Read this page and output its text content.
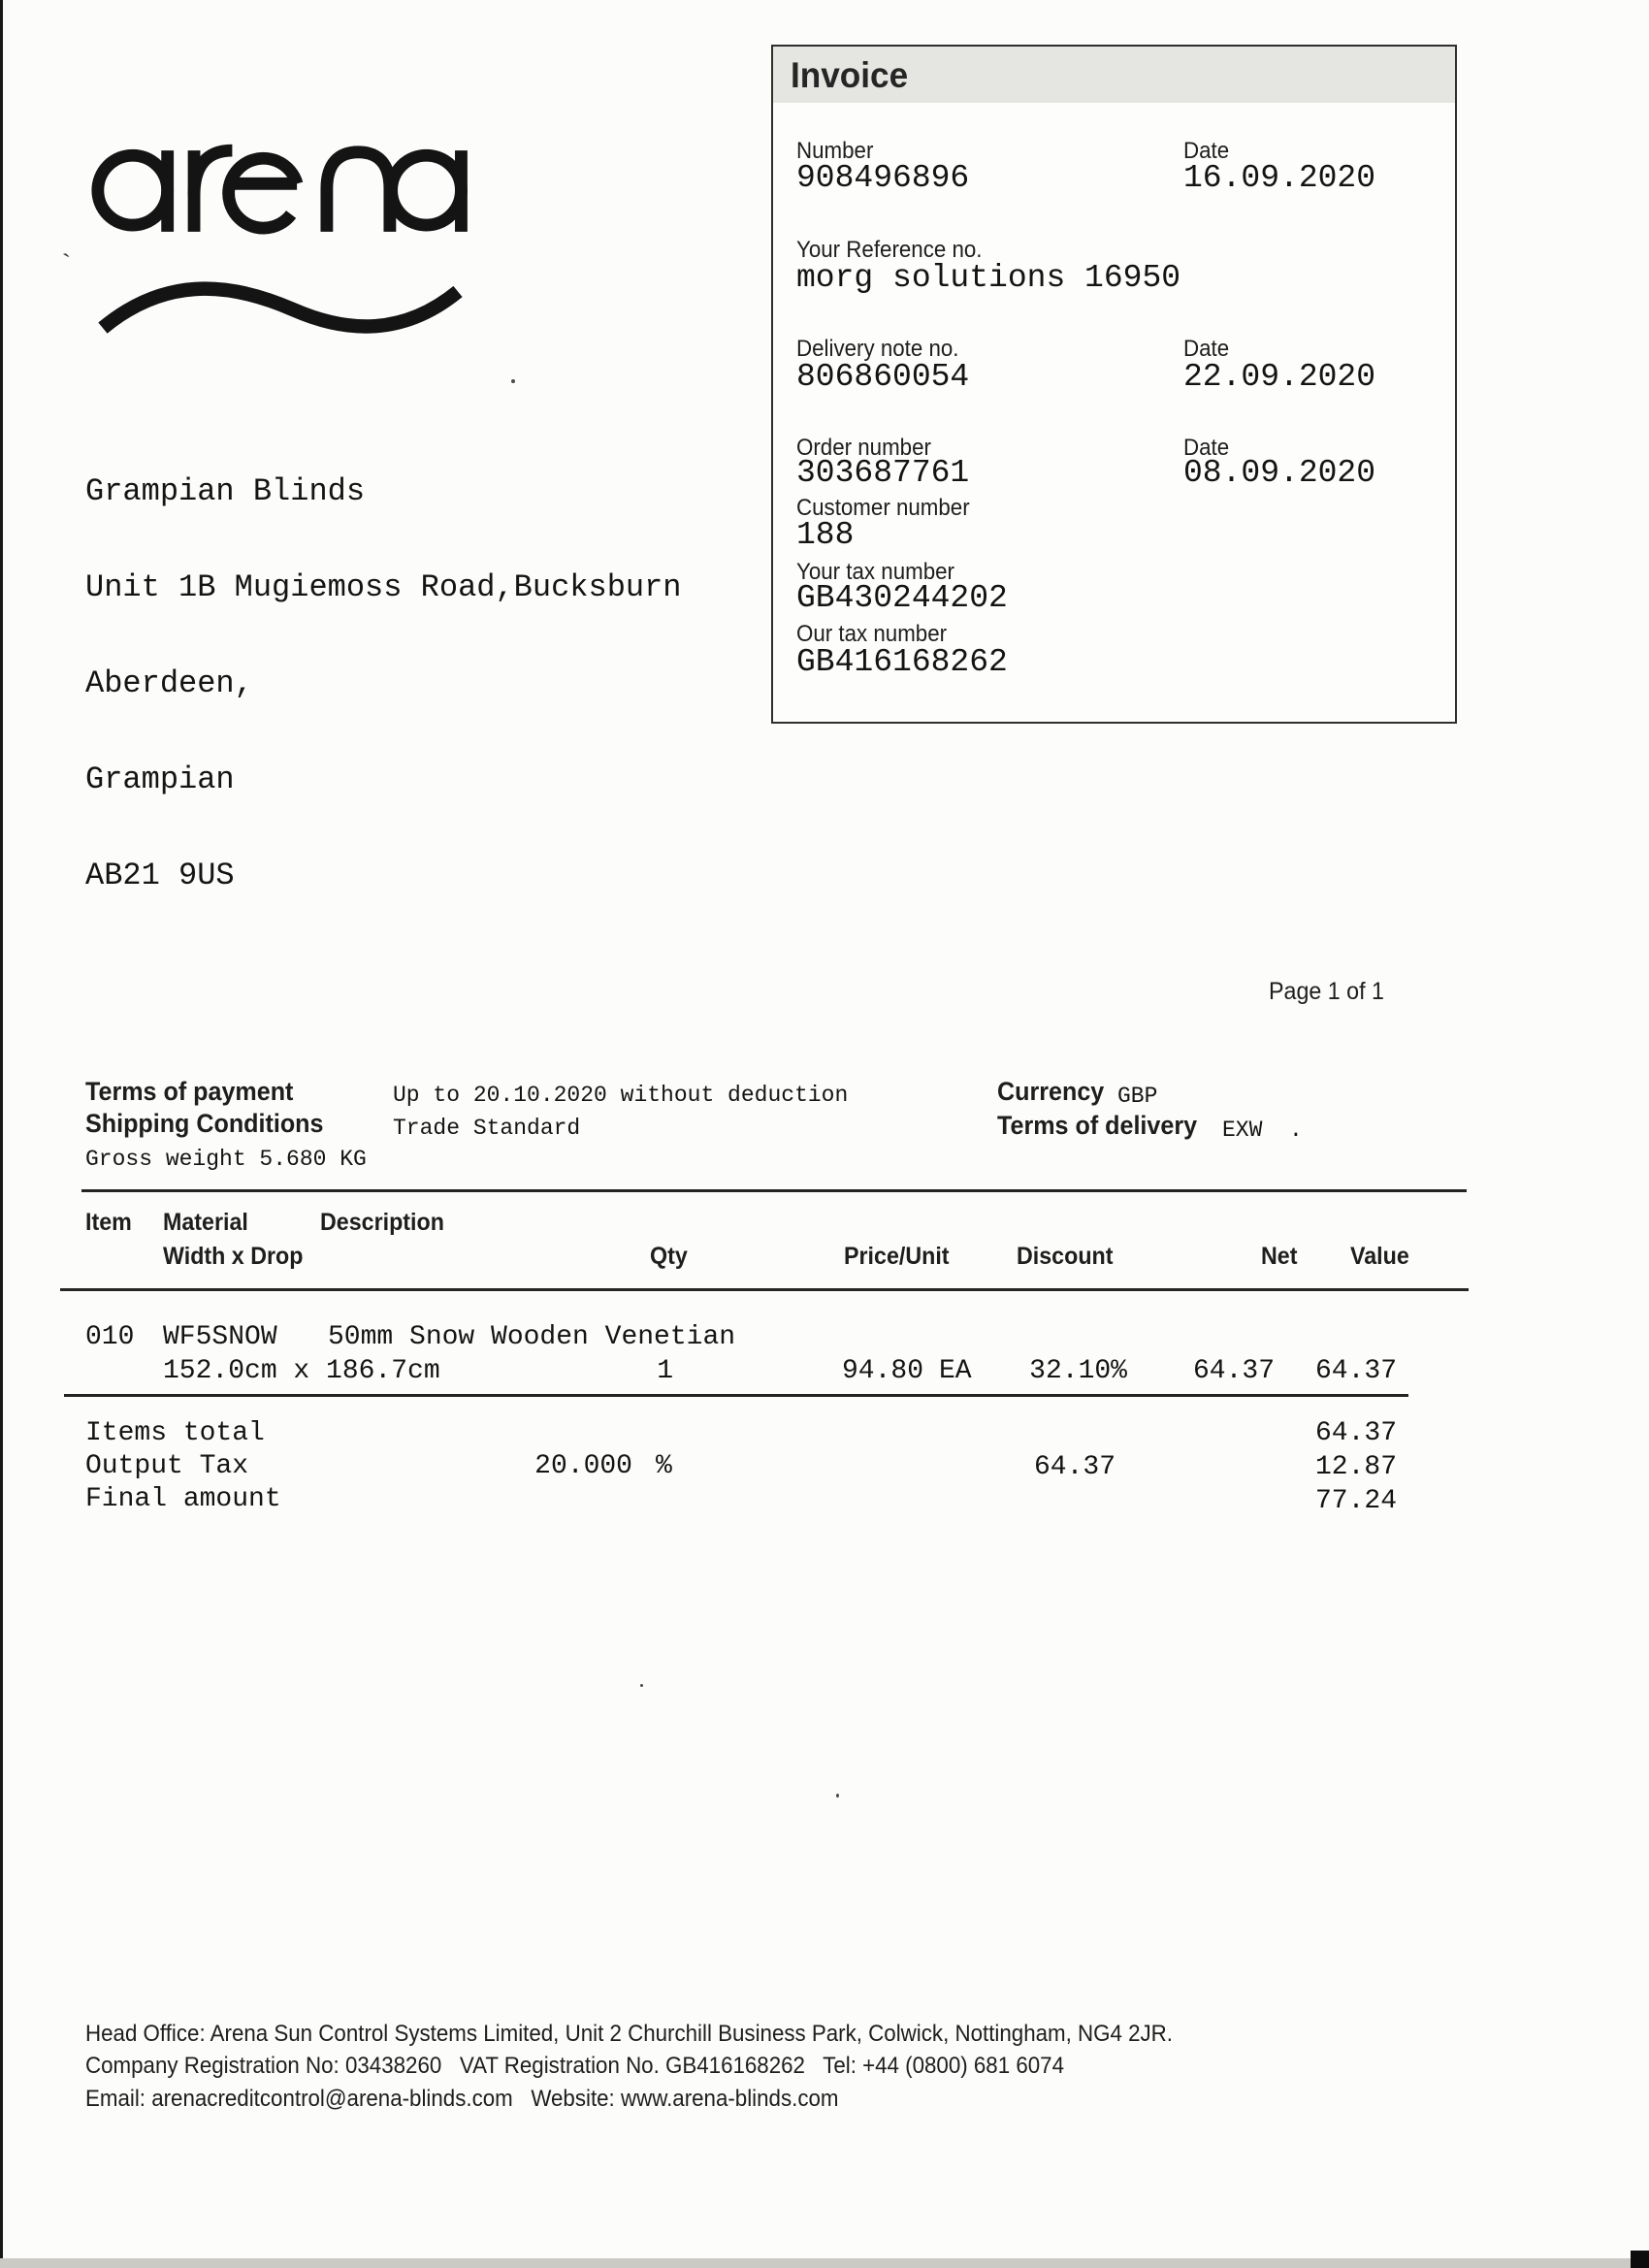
Grampian Blinds

Unit 1B Mugiemoss Road,Bucksburn

Aberdeen,

Grampian

AB21 9US

Invoice
Number
908496896
Date
16.09.2020
Your Reference no.
morg solutions 16950
Delivery note no.
806860054
Date
22.09.2020
Order number
303687761
Date
08.09.2020
Customer number
188
Your tax number
GB430244202
Our tax number
GB416168262
Page 1 of 1
Terms of payment	Up to 20.10.2020 without deduction
Shipping Conditions	Trade Standard
Gross weight 5.680 KG
Currency GBP
Terms of delivery EXW  .
Item Material	Description
Width x Drop	Qty	Price/Unit	Discount	Net Value
010 WF5SNOW 50mm Snow Wooden Venetian
152.0cm x 186.7cm	1	94.80 EA	32.10%	64.37	64.37
Items total	64.37
Output Tax	20.000 %	64.37	12.87
Final amount	77.24
Head Office: Arena Sun Control Systems Limited, Unit 2 Churchill Business Park, Colwick, Nottingham, NG4 2JR.
Company Registration No: 03438260   VAT Registration No. GB416168262   Tel: +44 (0800) 681 6074
Email: arenacreditcontrol@arena-blinds.com   Website: www.arena-blinds.com
`
